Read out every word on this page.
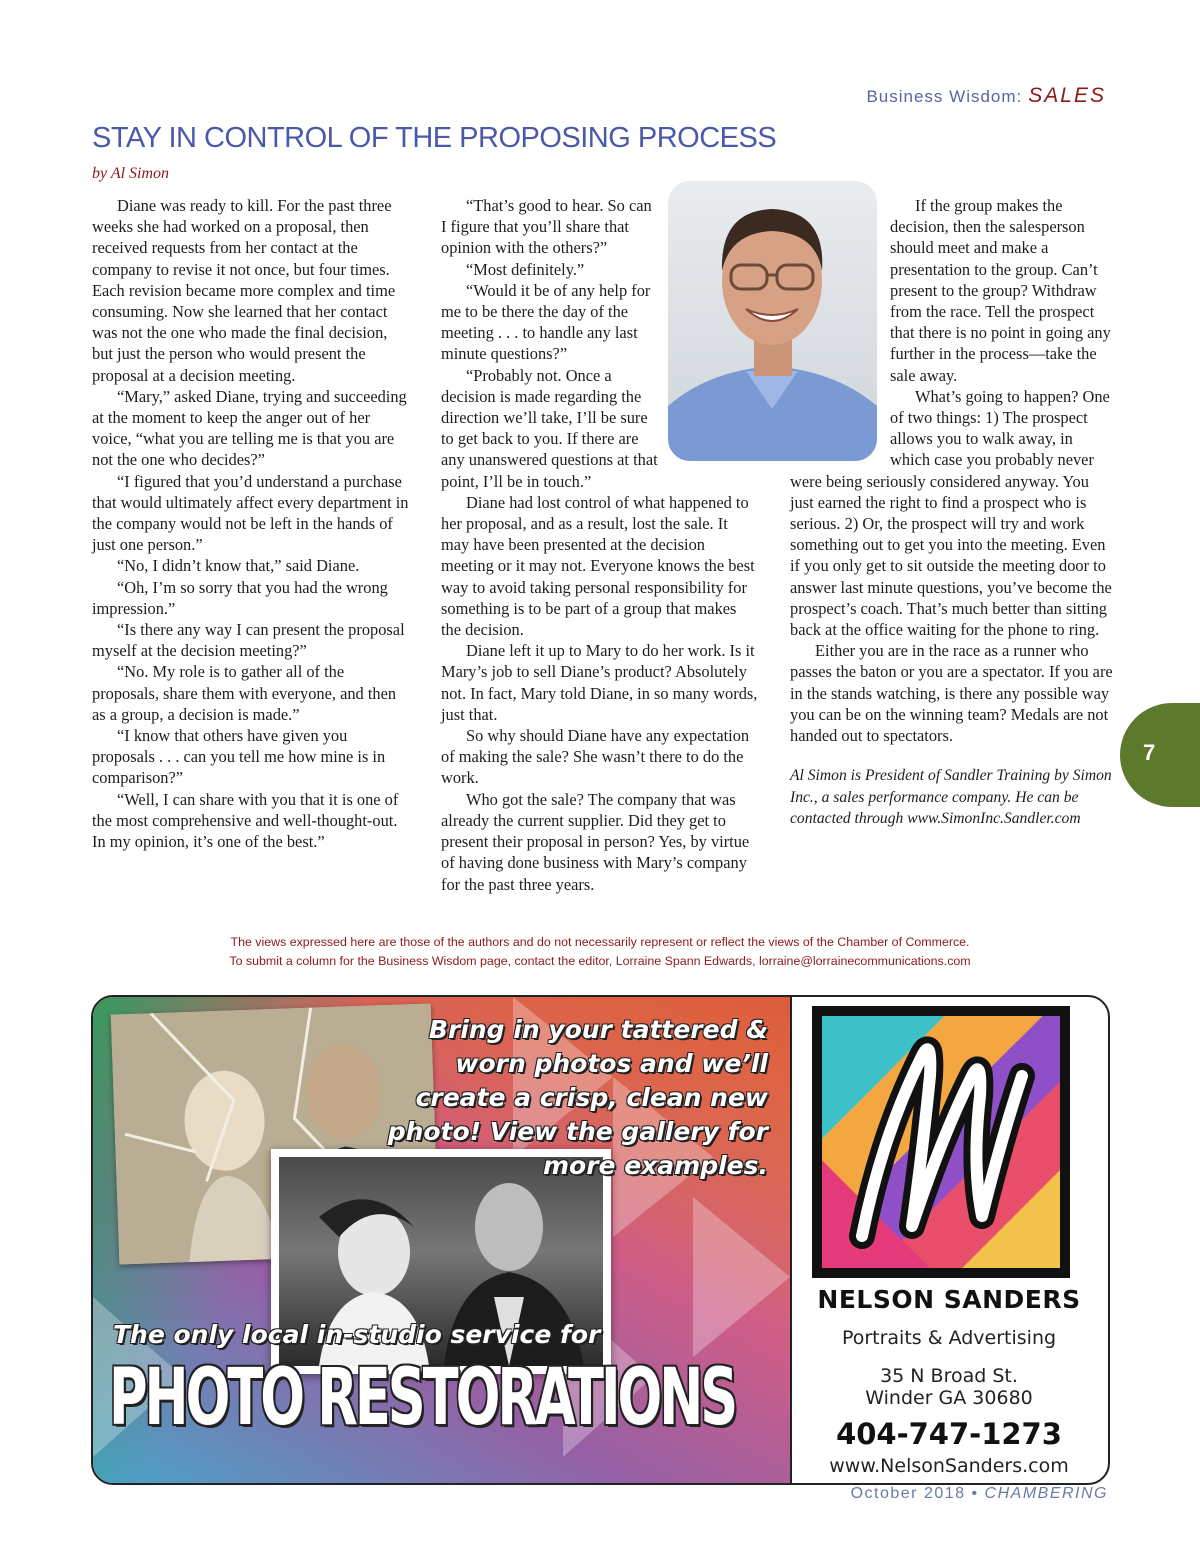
Business Wisdom: SALES
STAY IN CONTROL OF THE PROPOSING PROCESS
by Al Simon

Diane was ready to kill. For the past three weeks she had worked on a proposal, then received requests from her contact at the company to revise it not once, but four times. Each revision became more complex and time consuming. Now she learned that her contact was not the one who made the final decision, but just the person who would present the proposal at a decision meeting.

“Mary,” asked Diane, trying and succeeding at the moment to keep the anger out of her voice, “what you are telling me is that you are not the one who decides?”

“I figured that you’d understand a purchase that would ultimately affect every department in the company would not be left in the hands of just one person.”

“No, I didn’t know that,” said Diane.

“Oh, I’m so sorry that you had the wrong impression.”

“Is there any way I can present the proposal myself at the decision meeting?”

“No. My role is to gather all of the proposals, share them with everyone, and then as a group, a decision is made.”

“I know that others have given you proposals . . . can you tell me how mine is in comparison?”

“Well, I can share with you that it is one of the most comprehensive and well-thought-out. In my opinion, it’s one of the best.”

“That’s good to hear. So can I figure that you’ll share that opinion with the others?”

“Most definitely.”

“Would it be of any help for me to be there the day of the meeting . . . to handle any last minute questions?”

“Probably not. Once a decision is made regarding the direction we’ll take, I’ll be sure to get back to you. If there are any unanswered questions at that point, I’ll be in touch.”

Diane had lost control of what happened to her proposal, and as a result, lost the sale. It may have been presented at the decision meeting or it may not. Everyone knows the best way to avoid taking personal responsibility for something is to be part of a group that makes the decision.

Diane left it up to Mary to do her work. Is it Mary’s job to sell Diane’s product? Absolutely not. In fact, Mary told Diane, in so many words, just that.

So why should Diane have any expectation of making the sale? She wasn’t there to do the work.

Who got the sale? The company that was already the current supplier. Did they get to present their proposal in person? Yes, by virtue of having done business with Mary’s company for the past three years.

If the group makes the decision, then the salesperson should meet and make a presentation to the group. Can’t present to the group? Withdraw from the race. Tell the prospect that there is no point in going any further in the process—take the sale away.

What’s going to happen? One of two things: 1) The prospect allows you to walk away, in which case you probably never were being seriously considered anyway. You just earned the right to find a prospect who is serious. 2) Or, the prospect will try and work something out to get you into the meeting. Even if you only get to sit outside the meeting door to answer last minute questions, you’ve become the prospect’s coach. That’s much better than sitting back at the office waiting for the phone to ring.

Either you are in the race as a runner who passes the baton or you are a spectator. If you are in the stands watching, is there any possible way you can be on the winning team? Medals are not handed out to spectators.

Al Simon is President of Sandler Training by Simon Inc., a sales performance company. He can be contacted through www.SimonInc.Sandler.com

7
The views expressed here are those of the authors and do not necessarily represent or reflect the views of the Chamber of Commerce.
To submit a column for the Business Wisdom page, contact the editor, Lorraine Spann Edwards, lorraine@lorrainecommunications.com
Bring in your tattered & worn photos and we’ll create a crisp, clean new photo! View the gallery for more examples.
The only local in-studio service for
PHOTO RESTORATIONS
NELSON SANDERS
Portraits & Advertising
35 N Broad St.
Winder GA 30680
404-747-1273
www.NelsonSanders.com
October 2018 • CHAMBERING
